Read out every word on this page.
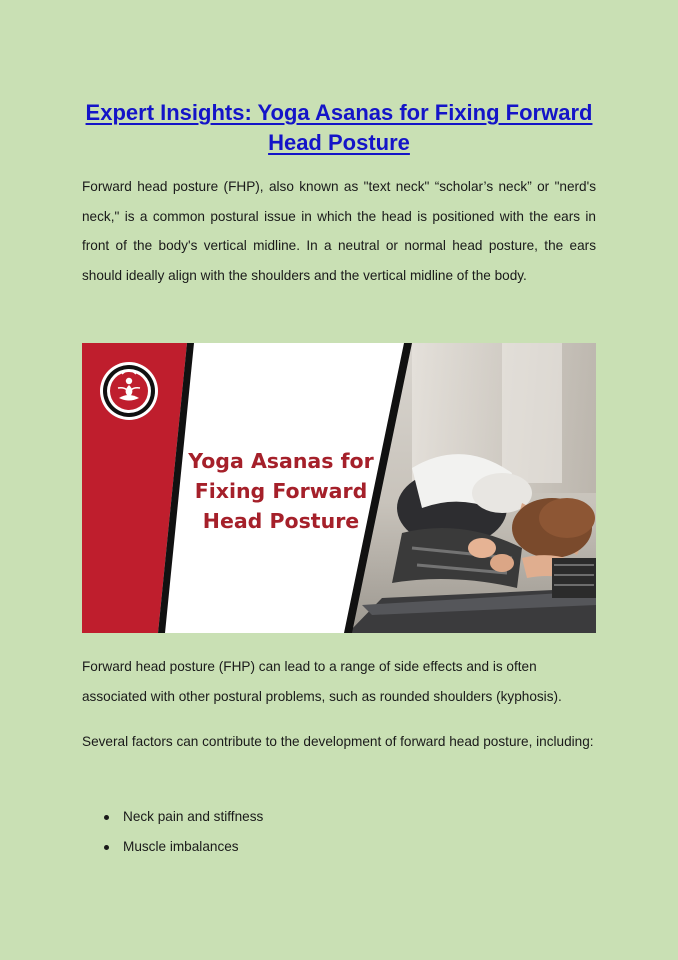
Expert Insights: Yoga Asanas for Fixing Forward Head Posture

Forward head posture (FHP), also known as "text neck" “scholar’s neck” or "nerd's neck," is a common postural issue in which the head is positioned with the ears in front of the body's vertical midline. In a neutral or normal head posture, the ears should ideally align with the shoulders and the vertical midline of the body.

Yoga Asanas for
Fixing Forward
Head Posture

Forward head posture (FHP) can lead to a range of side effects and is often associated with other postural problems, such as rounded shoulders (kyphosis).

Several factors can contribute to the development of forward head posture, including:

Neck pain and stiffness
Muscle imbalances
